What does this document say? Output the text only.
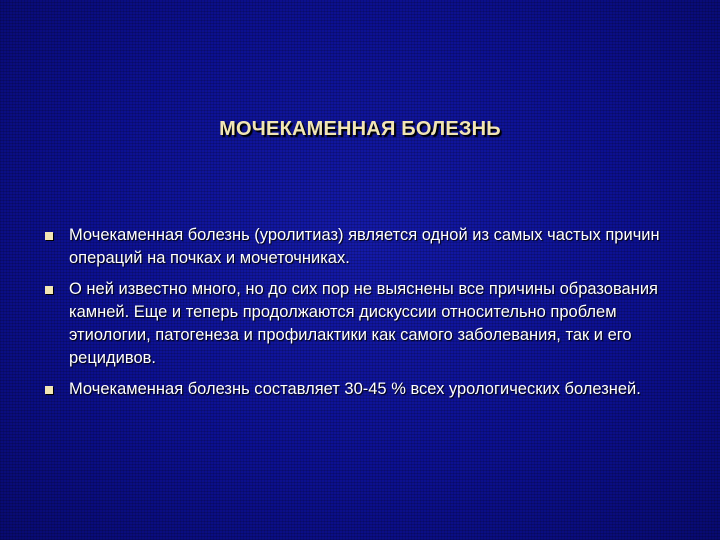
МОЧЕКАМЕННАЯ БОЛЕЗНЬ
Мочекаменная болезнь (уролитиаз) является одной из самых частых причин операций на почках и мочеточниках.
О ней известно много, но до сих пор не выяснены все причины образования камней. Еще и теперь продолжаются дискуссии относительно проблем этиологии, патогенеза и профилактики как самого заболевания, так и его рецидивов.
Мочекаменная болезнь составляет 30-45 % всех урологических болезней.
